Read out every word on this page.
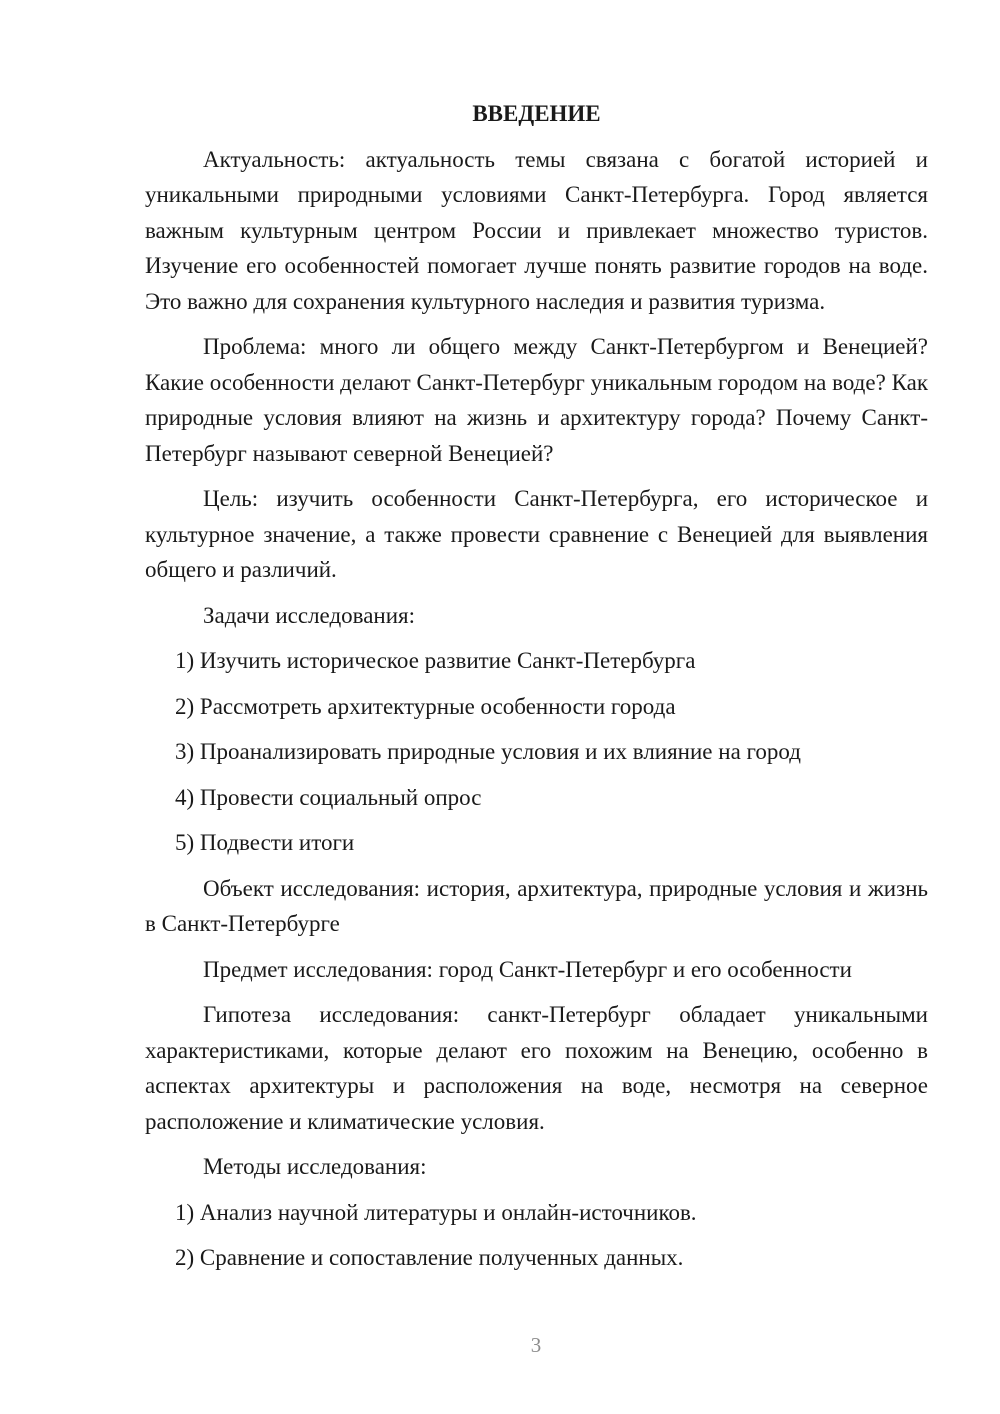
ВВЕДЕНИЕ
Актуальность: актуальность темы связана с богатой историей и уникальными природными условиями Санкт-Петербурга. Город является важным культурным центром России и привлекает множество туристов. Изучение его особенностей помогает лучше понять развитие городов на воде. Это важно для сохранения культурного наследия и развития туризма.
Проблема: много ли общего между Санкт-Петербургом и Венецией? Какие особенности делают Санкт-Петербург уникальным городом на воде? Как природные условия влияют на жизнь и архитектуру города? Почему Санкт-Петербург называют северной Венецией?
Цель: изучить особенности Санкт-Петербурга, его историческое и культурное значение, а также провести сравнение с Венецией для выявления общего и различий.
Задачи исследования:
1) Изучить историческое развитие Санкт-Петербурга
2) Рассмотреть архитектурные особенности города
3) Проанализировать природные условия и их влияние на город
4) Провести социальный опрос
5) Подвести итоги
Объект исследования: история, архитектура, природные условия и жизнь в Санкт-Петербурге
Предмет исследования: город Санкт-Петербург и его особенности
Гипотеза исследования: санкт-Петербург обладает уникальными характеристиками, которые делают его похожим на Венецию, особенно в аспектах архитектуры и расположения на воде, несмотря на северное расположение и климатические условия.
Методы исследования:
1) Анализ научной литературы и онлайн-источников.
2) Сравнение и сопоставление полученных данных.
3
